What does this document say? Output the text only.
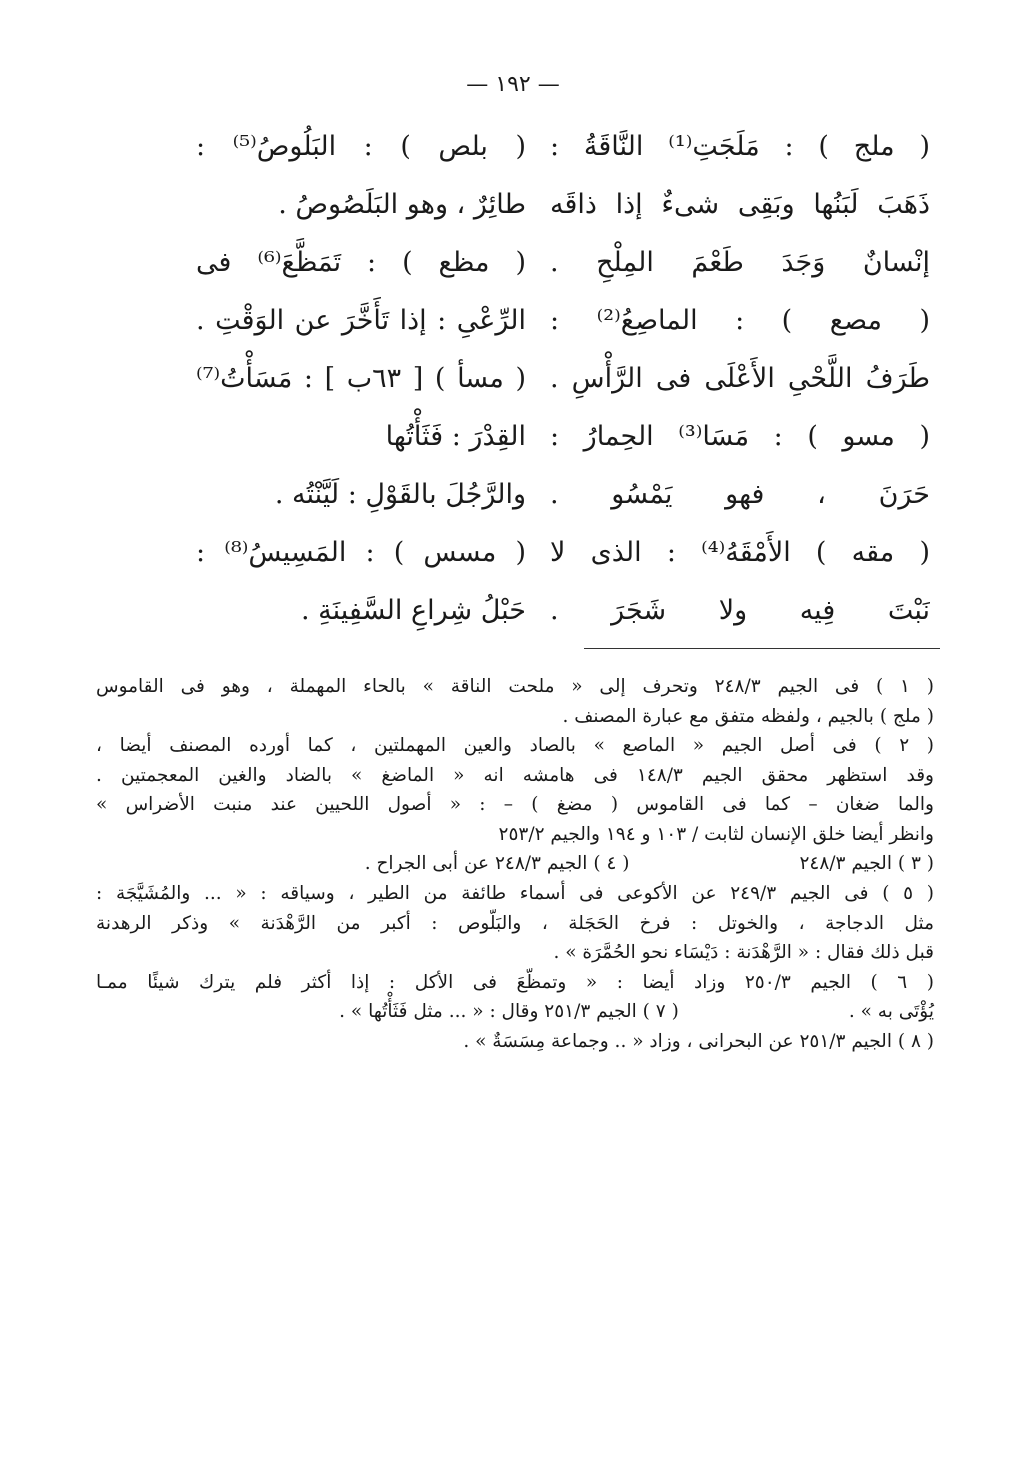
— ١٩٢ —
( ملج ) : مَلَجَتِ⁽¹⁾ النَّاقَةُ :
ذَهَبَ لَبَنُها وبَقِى شىءٌ إذا ذاقَه
إنْسانٌ وَجَدَ طَعْمَ المِلْحِ .
( مصع ) : الماصِعُ⁽²⁾ :
طَرَفُ اللَّحْىِ الأَعْلَى فى الرَّأْسِ .
( مسو ) : مَسَا⁽³⁾ الحِمارُ :
حَرَنَ ، فهو يَمْسُو .
( مقه ) الأَمْقَهُ⁽⁴⁾ : الذى لا
نَبْتَ فِيه ولا شَجَرَ .
( بلص ) : البَلُوصُ⁽⁵⁾ :
طائِرٌ ، وهو البَلَصُوصُ .
( مظع ) : تَمَظَّعَ⁽⁶⁾ فى
الرِّعْىِ : إذا تَأَخَّرَ عن الوَقْتِ .
( مسأ ) [ ٦٣ب ] : مَسَأْتُ⁽⁷⁾
القِدْرَ : فَثَأْتُها
والرَّجُلَ بالقَوْلِ : لَيَّنْتُه .
( مسس ) : المَسِيسُ⁽⁸⁾ :
حَبْلُ شِراعِ السَّفِينَةِ .
( ١ ) فى الجيم ٢٤٨/٣ وتحرف إلى « ملحت الناقة » بالحاء المهملة ، وهو فى القاموس
( ملج ) بالجيم ، ولفظه متفق مع عبارة المصنف .
( ٢ ) فى أصل الجيم « الماصع » بالصاد والعين المهملتين ، كما أورده المصنف أيضا ،
وقد استظهر محقق الجيم ١٤٨/٣ فى هامشه انه « الماضغ » بالضاد والغين المعجمتين .
والما ضغان – كما فى القاموس ( مضغ ) – : « أصول اللحيين عند منبت الأضراس »
وانظر أيضا خلق الإنسان لثابت / ١٠٣ و ١٩٤ والجيم ٢٥٣/٢
( ٣ ) الجيم ٢٤٨/٣
( ٤ ) الجيم ٢٤٨/٣ عن أبى الجراح .
( ٥ ) فى الجيم ٢٤٩/٣ عن الأكوعى فى أسماء طائفة من الطير ، وسياقه : « ... والمُشَيَّجَة :
مثل الدجاجة ، والخوتل : فرخ الحَجَلة ، والبَلُّوص : أكبر من الرَّهْدَنة » وذكر الرهدنة
قبل ذلك فقال : « الرَّهْدَنة : دَيْسَاء نحو الحُمَّرَة » .
( ٦ ) الجيم ٢٥٠/٣ وزاد أيضا : « وتمظّعَ فى الأكل : إذا أكثر فلم يترك شيئًا ممـا
يُؤْتَى به » .
( ٧ ) الجيم ٢٥١/٣ وقال : « ... مثل فَثَأْتُها » .
( ٨ ) الجيم ٢٥١/٣ عن البحرانى ، وزاد « .. وجماعة مِسَسَةٌ » .
